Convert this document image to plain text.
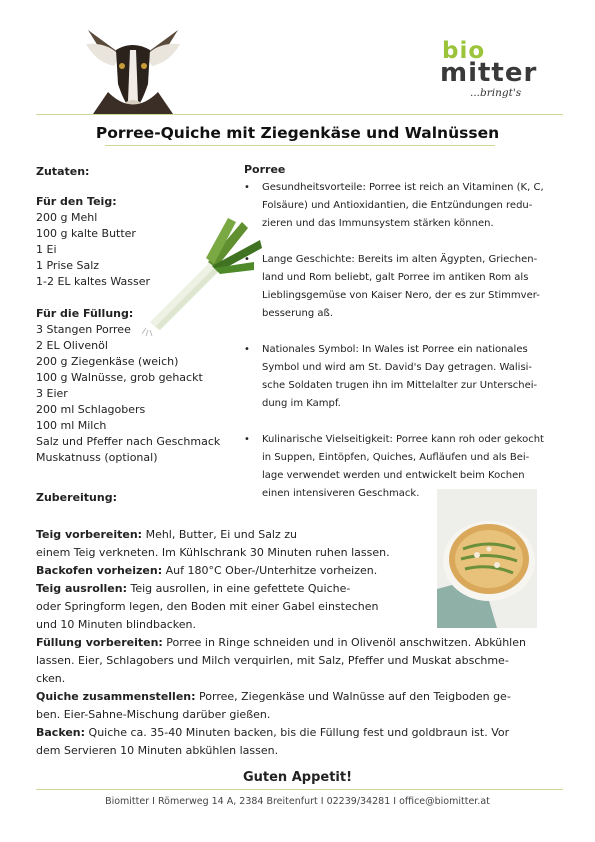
bio
mitter
...bringt's
Porree-Quiche mit Ziegenkäse und Walnüssen
Zutaten:
Für den Teig:
200 g Mehl
100 g kalte Butter
1 Ei
1 Prise Salz
1-2 EL kaltes Wasser
Für die Füllung:
3 Stangen Porree
2 EL Olivenöl
200 g Ziegenkäse (weich)
100 g Walnüsse, grob gehackt
3 Eier
200 ml Schlagobers
100 ml Milch
Salz und Pfeffer nach Geschmack
Muskatnuss (optional)
Porree
• Gesundheitsvorteile: Porree ist reich an Vitaminen (K, C,
Folsäure) und Antioxidantien, die Entzündungen redu-
zieren und das Immunsystem stärken können.
• Lange Geschichte: Bereits im alten Ägypten, Griechen-
land und Rom beliebt, galt Porree im antiken Rom als
Lieblingsgemüse von Kaiser Nero, der es zur Stimmver-
besserung aß.
• Nationales Symbol: In Wales ist Porree ein nationales
Symbol und wird am St. David's Day getragen. Walisi-
sche Soldaten trugen ihn im Mittelalter zur Unterschei-
dung im Kampf.
• Kulinarische Vielseitigkeit: Porree kann roh oder gekocht
in Suppen, Eintöpfen, Quiches, Aufläufen und als Bei-
lage verwendet werden und entwickelt beim Kochen
einen intensiveren Geschmack.
Zubereitung:
Teig vorbereiten: Mehl, Butter, Ei und Salz zu
einem Teig verkneten. Im Kühlschrank 30 Minuten ruhen lassen.
Backofen vorheizen: Auf 180°C Ober-/Unterhitze vorheizen.
Teig ausrollen: Teig ausrollen, in eine gefettete Quiche-
oder Springform legen, den Boden mit einer Gabel einstechen
und 10 Minuten blindbacken.
Füllung vorbereiten: Porree in Ringe schneiden und in Olivenöl anschwitzen. Abkühlen
lassen. Eier, Schlagobers und Milch verquirlen, mit Salz, Pfeffer und Muskat abschme-
cken.
Quiche zusammenstellen: Porree, Ziegenkäse und Walnüsse auf den Teigboden ge-
ben. Eier-Sahne-Mischung darüber gießen.
Backen: Quiche ca. 35-40 Minuten backen, bis die Füllung fest und goldbraun ist. Vor
dem Servieren 10 Minuten abkühlen lassen.
Guten Appetit!
Biomitter I Römerweg 14 A, 2384 Breitenfurt I 02239/34281 I office@biomitter.at
